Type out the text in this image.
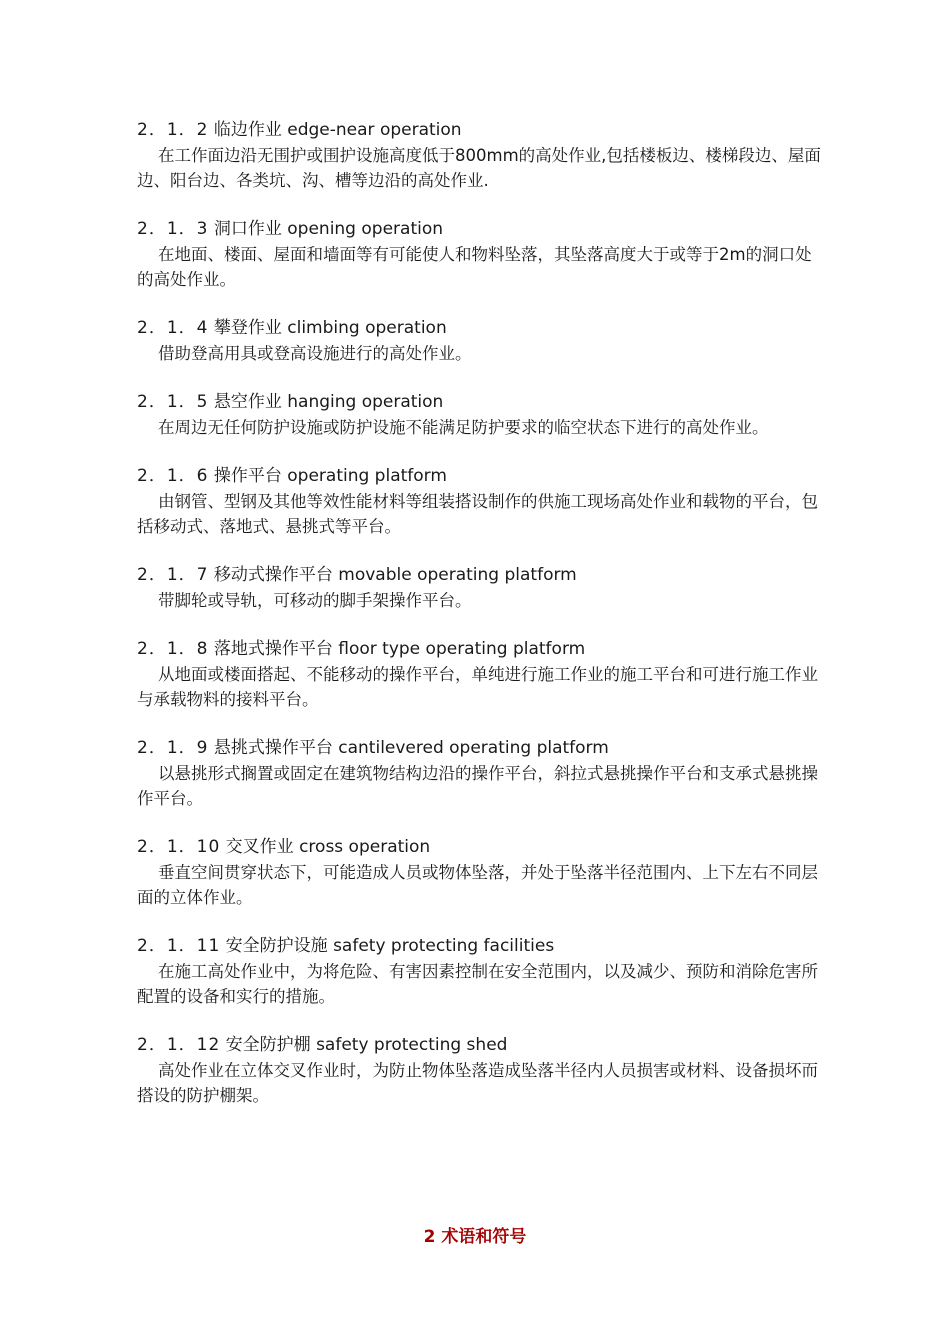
2．1．2 临边作业 edge-near operation

在工作面边沿无围护或围护设施高度低于800mm的高处作业,包括楼板边、楼梯段边、屋面边、阳台边、各类坑、沟、槽等边沿的高处作业.

2．1．3 洞口作业 opening operation

在地面、楼面、屋面和墙面等有可能使人和物料坠落，其坠落高度大于或等于2m的洞口处的高处作业。

2．1．4 攀登作业 climbing operation

借助登高用具或登高设施进行的高处作业。

2．1．5 悬空作业 hanging operation

在周边无任何防护设施或防护设施不能满足防护要求的临空状态下进行的高处作业。

2．1．6 操作平台 operating platform

由钢管、型钢及其他等效性能材料等组装搭设制作的供施工现场高处作业和载物的平台，包括移动式、落地式、悬挑式等平台。

2．1．7 移动式操作平台 movable operating platform

带脚轮或导轨，可移动的脚手架操作平台。

2．1．8 落地式操作平台 floor type operating platform

从地面或楼面搭起、不能移动的操作平台，单纯进行施工作业的施工平台和可进行施工作业与承载物料的接料平台。

2．1．9 悬挑式操作平台 cantilevered operating platform

以悬挑形式搁置或固定在建筑物结构边沿的操作平台，斜拉式悬挑操作平台和支承式悬挑操作平台。

2．1．10 交叉作业 cross operation

垂直空间贯穿状态下，可能造成人员或物体坠落，并处于坠落半径范围内、上下左右不同层面的立体作业。

2．1．11 安全防护设施 safety protecting facilities

在施工高处作业中，为将危险、有害因素控制在安全范围内，以及减少、预防和消除危害所配置的设备和实行的措施。

2．1．12 安全防护棚 safety protecting shed

高处作业在立体交叉作业时，为防止物体坠落造成坠落半径内人员损害或材料、设备损坏而搭设的防护棚架。

2 术语和符号
